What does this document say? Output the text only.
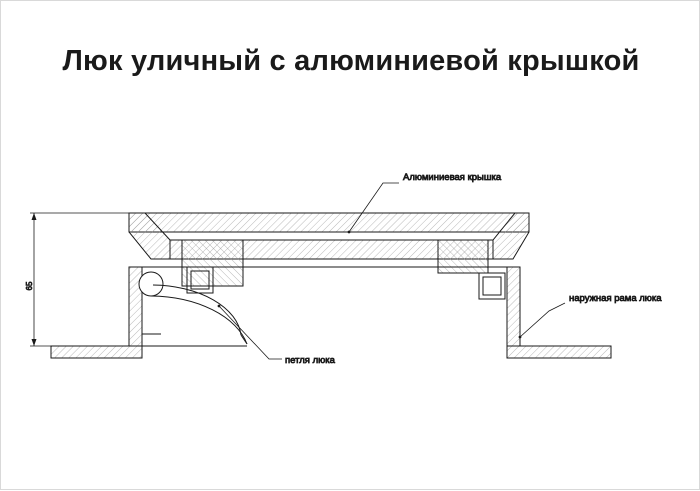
Люк уличный с алюминиевой крышкой
65
Алюминиевая крышка
наружная рама люка
петля люка
